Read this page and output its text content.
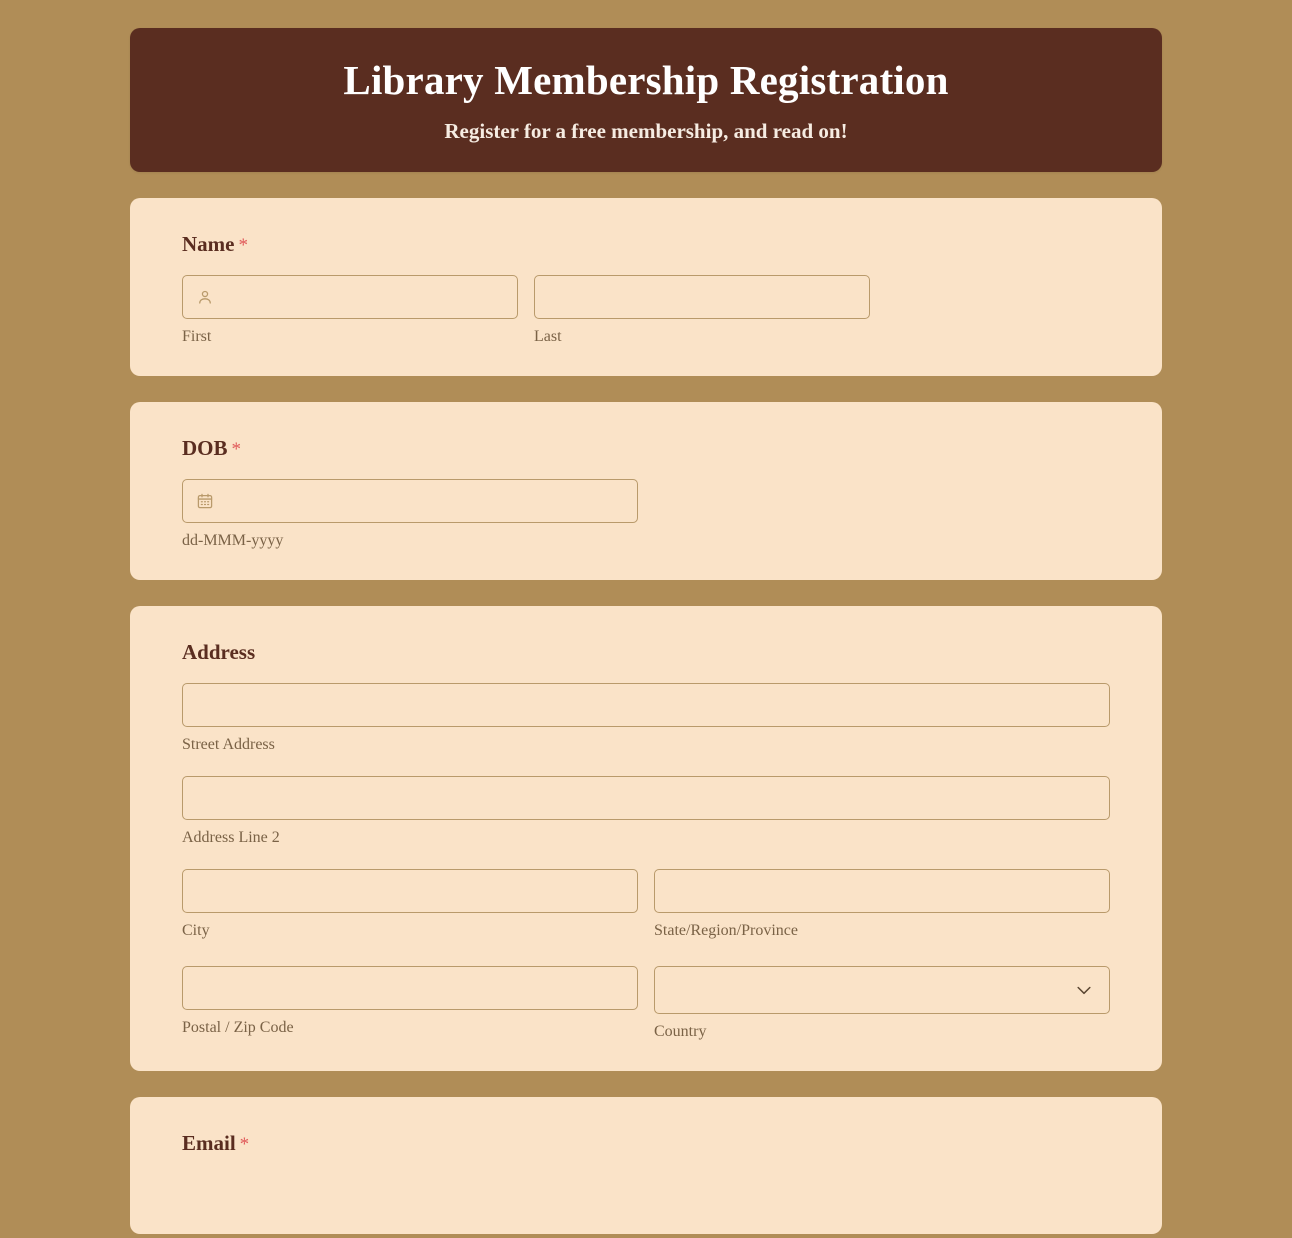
Library Membership Registration

Register for a free membership, and read on!

Name *
First	Last
DOB *
dd-MMM-yyyy
Address
Street Address
Address Line 2
City	State/Region/Province
Postal / Zip Code	Country
Email *
